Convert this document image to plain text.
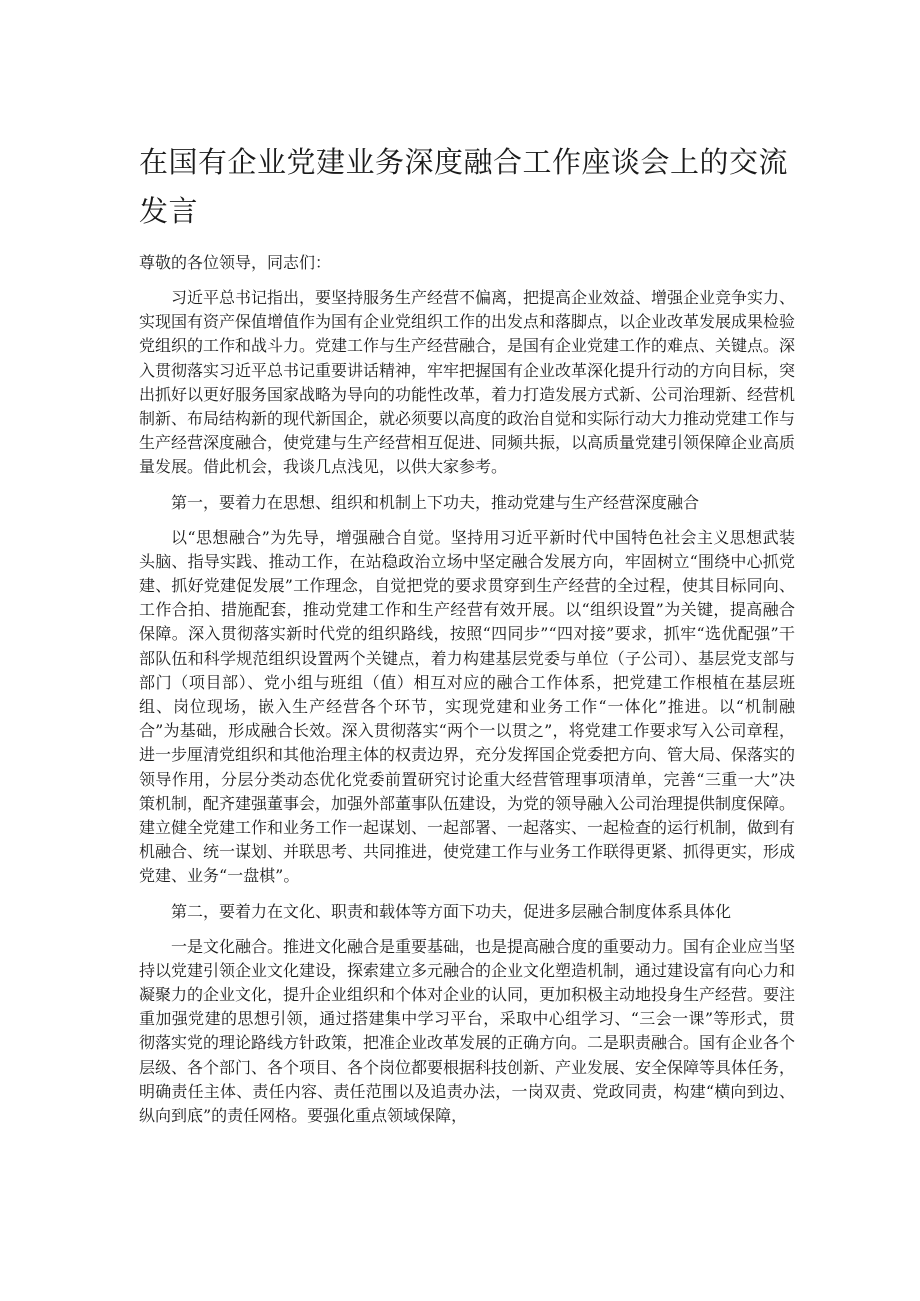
在国有企业党建业务深度融合工作座谈会上的交流发言

尊敬的各位领导，同志们：

习近平总书记指出，要坚持服务生产经营不偏离，把提高企业效益、增强企业竞争实力、实现国有资产保值增值作为国有企业党组织工作的出发点和落脚点，以企业改革发展成果检验党组织的工作和战斗力。党建工作与生产经营融合，是国有企业党建工作的难点、关键点。深入贯彻落实习近平总书记重要讲话精神，牢牢把握国有企业改革深化提升行动的方向目标，突出抓好以更好服务国家战略为导向的功能性改革，着力打造发展方式新、公司治理新、经营机制新、布局结构新的现代新国企，就必须要以高度的政治自觉和实际行动大力推动党建工作与生产经营深度融合，使党建与生产经营相互促进、同频共振，以高质量党建引领保障企业高质量发展。借此机会，我谈几点浅见，以供大家参考。

第一，要着力在思想、组织和机制上下功夫，推动党建与生产经营深度融合

以“思想融合”为先导，增强融合自觉。坚持用习近平新时代中国特色社会主义思想武装头脑、指导实践、推动工作，在站稳政治立场中坚定融合发展方向，牢固树立“围绕中心抓党建、抓好党建促发展”工作理念，自觉把党的要求贯穿到生产经营的全过程，使其目标同向、工作合拍、措施配套，推动党建工作和生产经营有效开展。以“组织设置”为关键，提高融合保障。深入贯彻落实新时代党的组织路线，按照“四同步”“四对接”要求，抓牢“选优配强”干部队伍和科学规范组织设置两个关键点，着力构建基层党委与单位（子公司）、基层党支部与部门（项目部）、党小组与班组（值）相互对应的融合工作体系，把党建工作根植在基层班组、岗位现场，嵌入生产经营各个环节，实现党建和业务工作“一体化”推进。以“机制融合”为基础，形成融合长效。深入贯彻落实“两个一以贯之”，将党建工作要求写入公司章程，进一步厘清党组织和其他治理主体的权责边界，充分发挥国企党委把方向、管大局、保落实的领导作用，分层分类动态优化党委前置研究讨论重大经营管理事项清单，完善“三重一大”决策机制，配齐建强董事会，加强外部董事队伍建设，为党的领导融入公司治理提供制度保障。建立健全党建工作和业务工作一起谋划、一起部署、一起落实、一起检查的运行机制，做到有机融合、统一谋划、并联思考、共同推进，使党建工作与业务工作联得更紧、抓得更实，形成党建、业务“一盘棋”。

第二，要着力在文化、职责和载体等方面下功夫，促进多层融合制度体系具体化

一是文化融合。推进文化融合是重要基础，也是提高融合度的重要动力。国有企业应当坚持以党建引领企业文化建设，探索建立多元融合的企业文化塑造机制，通过建设富有向心力和凝聚力的企业文化，提升企业组织和个体对企业的认同，更加积极主动地投身生产经营。要注重加强党建的思想引领，通过搭建集中学习平台，采取中心组学习、“三会一课”等形式，贯彻落实党的理论路线方针政策，把准企业改革发展的正确方向。二是职责融合。国有企业各个层级、各个部门、各个项目、各个岗位都要根据科技创新、产业发展、安全保障等具体任务，明确责任主体、责任内容、责任范围以及追责办法，一岗双责、党政同责，构建“横向到边、纵向到底”的责任网格。要强化重点领域保障，
